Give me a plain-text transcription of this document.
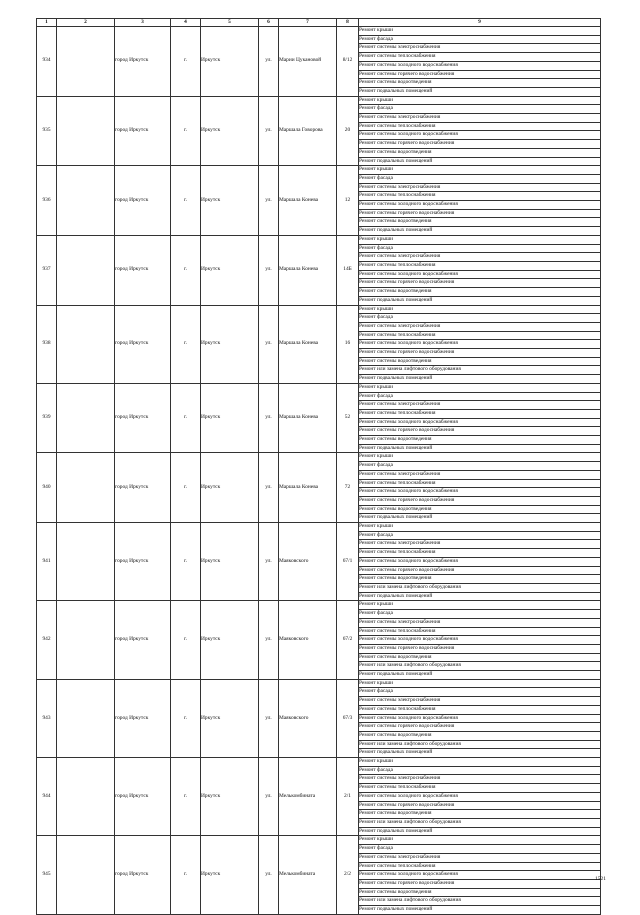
1	2	3	4	5	6	7	8	9
934		город Иркутск	г.	Иркутск	ул.	Марии Цукановой	8/12	Ремонт крыши
								Ремонт фасада
								Ремонт системы электроснабжения
								Ремонт системы теплоснабжения
								Ремонт системы холодного водоснабжения
								Ремонт системы горячего водоснабжения
								Ремонт системы водоотведения
								Ремонт подвальных помещений
935		город Иркутск	г.	Иркутск	ул.	Маршала Говорова	20	Ремонт крыши
								Ремонт фасада
								Ремонт системы электроснабжения
								Ремонт системы теплоснабжения
								Ремонт системы холодного водоснабжения
								Ремонт системы горячего водоснабжения
								Ремонт системы водоотведения
								Ремонт подвальных помещений
936		город Иркутск	г.	Иркутск	ул.	Маршала Конева	12	Ремонт крыши
								Ремонт фасада
								Ремонт системы электроснабжения
								Ремонт системы теплоснабжения
								Ремонт системы холодного водоснабжения
								Ремонт системы горячего водоснабжения
								Ремонт системы водоотведения
								Ремонт подвальных помещений
937		город Иркутск	г.	Иркутск	ул.	Маршала Конева	14Б	Ремонт крыши
								Ремонт фасада
								Ремонт системы электроснабжения
								Ремонт системы теплоснабжения
								Ремонт системы холодного водоснабжения
								Ремонт системы горячего водоснабжения
								Ремонт системы водоотведения
								Ремонт подвальных помещений
938		город Иркутск	г.	Иркутск	ул.	Маршала Конева	16	Ремонт крыши
								Ремонт фасада
								Ремонт системы электроснабжения
								Ремонт системы теплоснабжения
								Ремонт системы холодного водоснабжения
								Ремонт системы горячего водоснабжения
								Ремонт системы водоотведения
								Ремонт или замена лифтового оборудования
								Ремонт подвальных помещений
939		город Иркутск	г.	Иркутск	ул.	Маршала Конева	52	Ремонт крыши
								Ремонт фасада
								Ремонт системы электроснабжения
								Ремонт системы теплоснабжения
								Ремонт системы холодного водоснабжения
								Ремонт системы горячего водоснабжения
								Ремонт системы водоотведения
								Ремонт подвальных помещений
940		город Иркутск	г.	Иркутск	ул.	Маршала Конева	72	Ремонт крыши
								Ремонт фасада
								Ремонт системы электроснабжения
								Ремонт системы теплоснабжения
								Ремонт системы холодного водоснабжения
								Ремонт системы горячего водоснабжения
								Ремонт системы водоотведения
								Ремонт подвальных помещений
941		город Иркутск	г.	Иркутск	ул.	Маяковского	67/1	Ремонт крыши
								Ремонт фасада
								Ремонт системы электроснабжения
								Ремонт системы теплоснабжения
								Ремонт системы холодного водоснабжения
								Ремонт системы горячего водоснабжения
								Ремонт системы водоотведения
								Ремонт или замена лифтового оборудования
								Ремонт подвальных помещений
942		город Иркутск	г.	Иркутск	ул.	Маяковского	67/2	Ремонт крыши
								Ремонт фасада
								Ремонт системы электроснабжения
								Ремонт системы теплоснабжения
								Ремонт системы холодного водоснабжения
								Ремонт системы горячего водоснабжения
								Ремонт системы водоотведения
								Ремонт или замена лифтового оборудования
								Ремонт подвальных помещений
943		город Иркутск	г.	Иркутск	ул.	Маяковского	67/3	Ремонт крыши
								Ремонт фасада
								Ремонт системы электроснабжения
								Ремонт системы теплоснабжения
								Ремонт системы холодного водоснабжения
								Ремонт системы горячего водоснабжения
								Ремонт системы водоотведения
								Ремонт или замена лифтового оборудования
								Ремонт подвальных помещений
944		город Иркутск	г.	Иркутск	ул.	Мелькомбината	2/1	Ремонт крыши
								Ремонт фасада
								Ремонт системы электроснабжения
								Ремонт системы теплоснабжения
								Ремонт системы холодного водоснабжения
								Ремонт системы горячего водоснабжения
								Ремонт системы водоотведения
								Ремонт или замена лифтового оборудования
								Ремонт подвальных помещений
945		город Иркутск	г.	Иркутск	ул.	Мелькомбината	2/2	Ремонт крыши
								Ремонт фасада
								Ремонт системы электроснабжения
								Ремонт системы теплоснабжения
								Ремонт системы холодного водоснабжения
								Ремонт системы горячего водоснабжения
								Ремонт системы водоотведения
								Ремонт или замена лифтового оборудования
								Ремонт подвальных помещений
1521
